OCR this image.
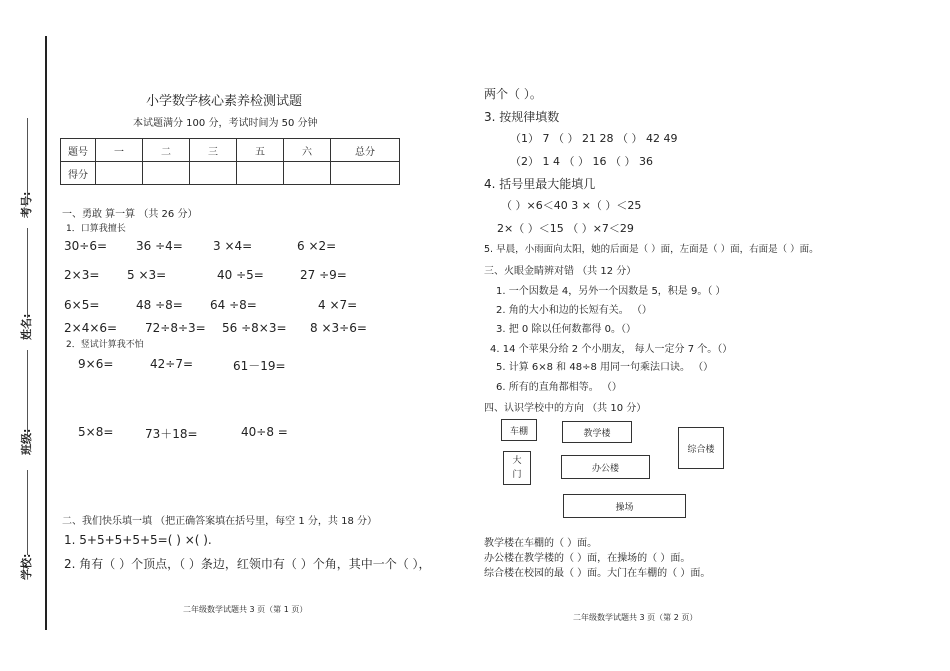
考号:
姓名:
班级:
学校:
小学数学核心素养检测试题
本试题满分 100 分，考试时间为 50 分钟
题号	一	二	三	五	六	总分
得分						
一、勇敢 算一算 （共 26 分）
1．口算我擅长
30÷6= 36 ÷4=	3 ×4=	6 ×2=
2×3= 5 ×3=	40 ÷5=	27 ÷9=
6×5=	48 ÷8= 64 ÷8=	4 ×7=
2×4×6= 72÷8÷3= 56 ÷8×3= 8 ×3÷6=
2．竖试计算我不怕
9×6=	42÷7=	61－19=
5×8=	73＋18=	40÷8 =
二、我们快乐填一填 （把正确答案填在括号里，每空 1 分，共 18 分）
1. 5+5+5+5+5=( ) ×( ).
2. 角有（ ）个顶点，（ ）条边，红领巾有（ ）个角，其中一个（ ），
二年级数学试题共 3 页（第 1 页）
两个（ ）。
3. 按规律填数
（1） 7 （ ） 21 28 （ ） 42 49
（2） 1 4 （ ） 16 （ ） 36
4. 括号里最大能填几
（ ）×6＜40 3 ×（ ）＜25
2×（ ）＜15 （ ）×7＜29
5. 早晨，小雨面向太阳，她的后面是（ ）面，左面是（ ）面，右面是（ ）面。
三、火眼金睛辨对错 （共 12 分）
1. 一个因数是 4，另外一个因数是 5，积是 9。（ ）
2. 角的大小和边的长短有关。 （）
3. 把 0 除以任何数都得 0。（）
4. 14 个苹果分给 2 个小朋友， 每人一定分 7 个。（）
5. 计算 6×8 和 48÷8 用同一句乘法口诀。 （）
6. 所有的直角都相等。 （）
四、认识学校中的方向 （共 10 分）
车棚	教学楼
综合楼
大
门
办公楼
操场
教学楼在车棚的（ ）面。
办公楼在教学楼的（ ）面，在操场的（ ）面。
综合楼在校园的最（ ）面。大门在车棚的（ ）面。
二年级数学试题共 3 页（第 2 页）
